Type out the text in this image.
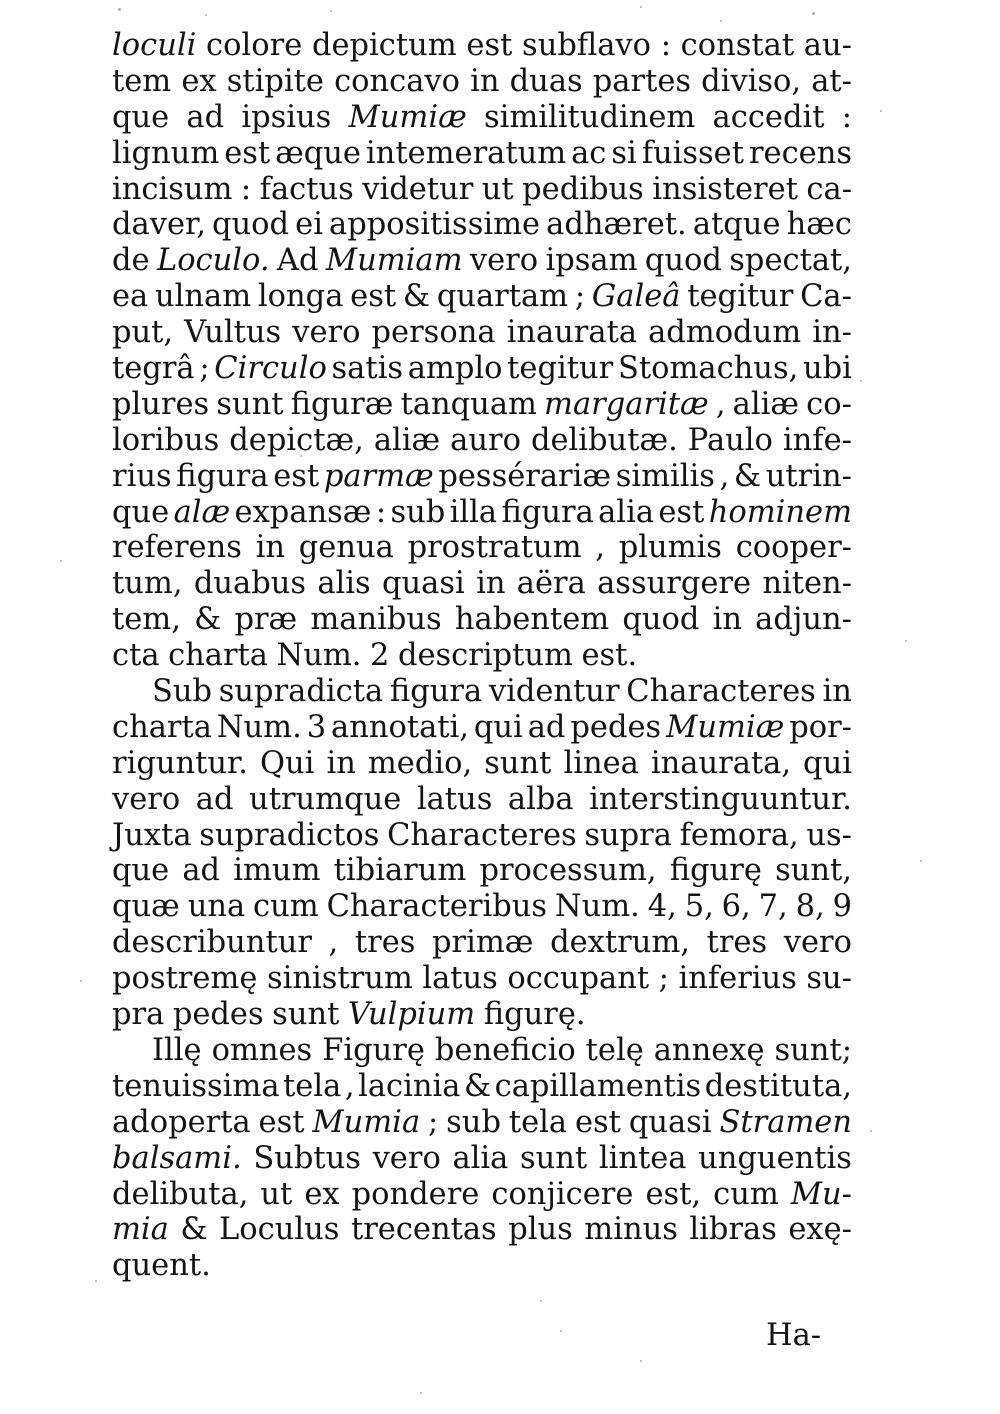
loculi colore depictum est subflavo : constat au-
tem ex stipite concavo in duas partes diviso, at-
que ad ipsius Mumiæ similitudinem accedit :
lignum est æque intemeratum ac si fuisset recens
incisum : factus videtur ut pedibus insisteret ca-
daver, quod ei appositissime adhæret. atque hæc
de Loculo. Ad Mumiam vero ipsam quod spectat,
ea ulnam longa est & quartam ; Galeâ tegitur Ca-
put, Vultus vero persona inaurata admodum in-
tegrâ ; Circulo satis amplo tegitur Stomachus, ubi
plures sunt figuræ tanquam margaritæ , aliæ co-
loribus depictæ, aliæ auro delibutæ. Paulo infe-
rius figura est parmæ pessérariæ similis , & utrin-
que alæ expansæ : sub illa figura alia est hominem
referens in genua prostratum , plumis cooper-
tum, duabus alis quasi in aëra assurgere niten-
tem, & præ manibus habentem quod in adjun-
cta charta Num. 2 descriptum est.
Sub supradicta figura videntur Characteres in
charta Num. 3 annotati, qui ad pedes Mumiæ por-
riguntur. Qui in medio, sunt linea inaurata, qui
vero ad utrumque latus alba interstinguuntur.
Juxta supradictos Characteres supra femora, us-
que ad imum tibiarum processum, figurę sunt,
quæ una cum Characteribus Num. 4, 5, 6, 7, 8, 9
describuntur , tres primæ dextrum, tres vero
postremę sinistrum latus occupant ; inferius su-
pra pedes sunt Vulpium figurę.
Illę omnes Figurę beneficio telę annexę sunt;
tenuissima tela , lacinia & capillamentis destituta,
adoperta est Mumia ; sub tela est quasi Stramen
balsami. Subtus vero alia sunt lintea unguentis
delibuta, ut ex pondere conjicere est, cum Mu-
mia & Loculus trecentas plus minus libras exę-
quent.
Ha-
